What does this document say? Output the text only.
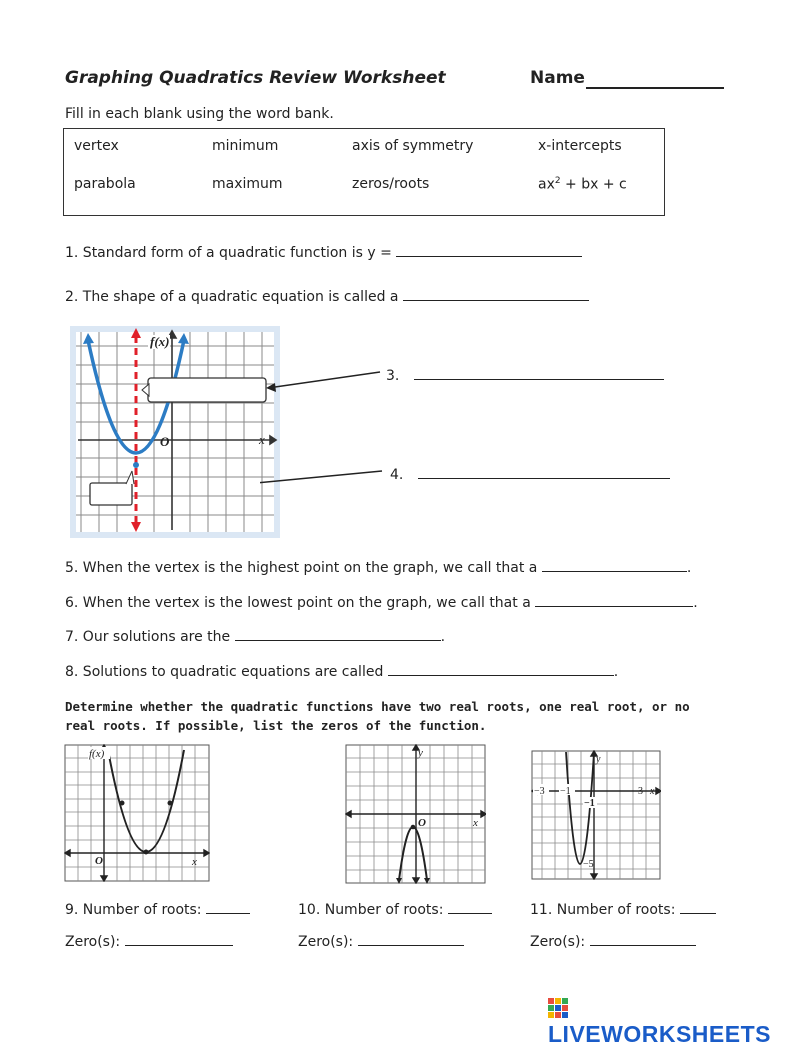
Graphing Quadratics Review Worksheet	Name
Fill in each blank using the word bank.
vertex	minimum	axis of symmetry	x-intercepts
parabola	maximum	zeros/roots	$ax^2$ + bx + c
1. Standard form of a quadratic function is y =
2. The shape of a quadratic equation is called a
f(x)
O	x
3.
4.
5. When the vertex is the highest point on the graph, we call that a	.
6. When the vertex is the lowest point on the graph, we call that a	.
7. Our solutions are the	.
8. Solutions to quadratic equations are called	.
Determine whether the quadratic functions have two real roots, one real root, or no real roots. If possible, list the zeros of the function.
f(x)
O	x
y
O	x
−3 −1	3 x
y
−1
−5
9. Number of roots:	10. Number of roots:	11. Number of roots:
Zero(s):	Zero(s):	Zero(s):
LIVEWORKSHEETS
